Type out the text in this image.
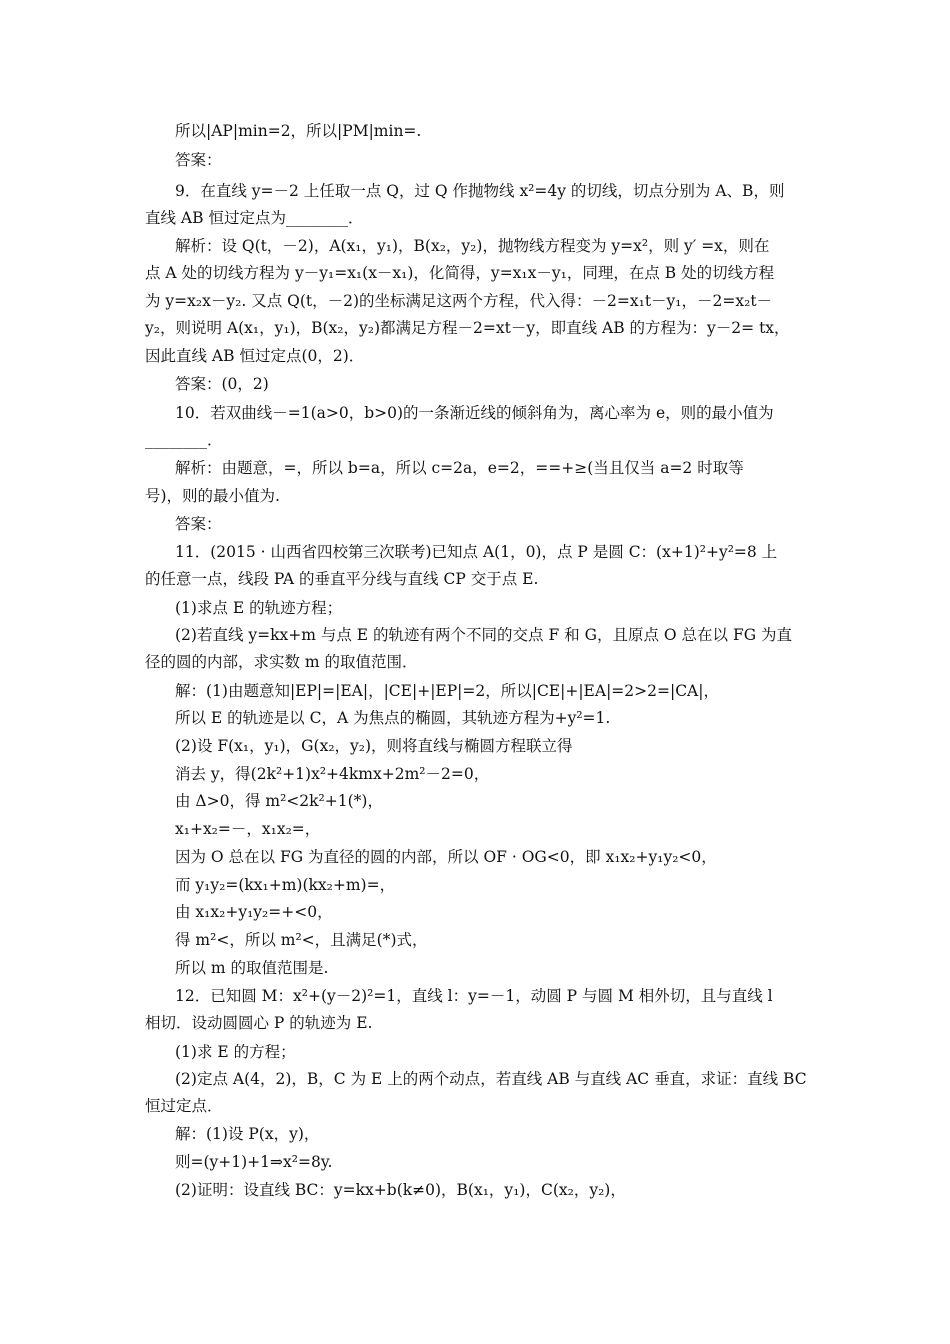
所以|AP|min=2，所以|PM|min=.
答案：
9．在直线 y=－2 上任取一点 Q，过 Q 作抛物线 x²=4y 的切线，切点分别为 A、B，则
直线 AB 恒过定点为________．
解析：设 Q(t，－2)，A(x₁，y₁)，B(x₂，y₂)，抛物线方程变为 y=x²，则 y′ =x，则在
点 A 处的切线方程为 y－y₁=x₁(x－x₁)，化简得，y=x₁x－y₁，同理，在点 B 处的切线方程
为 y=x₂x－y₂. 又点 Q(t，－2)的坐标满足这两个方程，代入得：－2=x₁t－y₁，－2=x₂t－
y₂，则说明 A(x₁，y₁)，B(x₂，y₂)都满足方程－2=xt－y，即直线 AB 的方程为：y－2= tx，
因此直线 AB 恒过定点(0，2)．
答案：(0，2)
10．若双曲线－=1(a>0，b>0)的一条渐近线的倾斜角为，离心率为 e，则的最小值为
________．
解析：由题意，=，所以 b=a，所以 c=2a，e=2，==+≥(当且仅当 a=2 时取等
号)，则的最小值为.
答案：
11．(2015 · 山西省四校第三次联考)已知点 A(1，0)，点 P 是圆 C：(x+1)²+y²=8 上
的任意一点，线段 PA 的垂直平分线与直线 CP 交于点 E.
(1)求点 E 的轨迹方程；
(2)若直线 y=kx+m 与点 E 的轨迹有两个不同的交点 F 和 G，且原点 O 总在以 FG 为直
径的圆的内部，求实数 m 的取值范围．
解：(1)由题意知|EP|=|EA|，|CE|+|EP|=2，所以|CE|+|EA|=2>2=|CA|，
所以 E 的轨迹是以 C，A 为焦点的椭圆，其轨迹方程为+y²=1.
(2)设 F(x₁，y₁)，G(x₂，y₂)，则将直线与椭圆方程联立得
消去 y，得(2k²+1)x²+4kmx+2m²－2=0，
由 Δ>0，得 m²<2k²+1(*)，
x₁+x₂=－，x₁x₂=，
因为 O 总在以 FG 为直径的圆的内部，所以 OF · OG<0，即 x₁x₂+y₁y₂<0，
而 y₁y₂=(kx₁+m)(kx₂+m)=，
由 x₁x₂+y₁y₂=+<0，
得 m²<，所以 m²<，且满足(*)式，
所以 m 的取值范围是.
12．已知圆 M：x²+(y－2)²=1，直线 l：y=－1，动圆 P 与圆 M 相外切，且与直线 l
相切．设动圆圆心 P 的轨迹为 E.
(1)求 E 的方程；
(2)定点 A(4，2)，B，C 为 E 上的两个动点，若直线 AB 与直线 AC 垂直，求证：直线 BC
恒过定点．
解：(1)设 P(x，y)，
则=(y+1)+1⇒x²=8y.
(2)证明：设直线 BC：y=kx+b(k≠0)，B(x₁，y₁)，C(x₂，y₂)，
